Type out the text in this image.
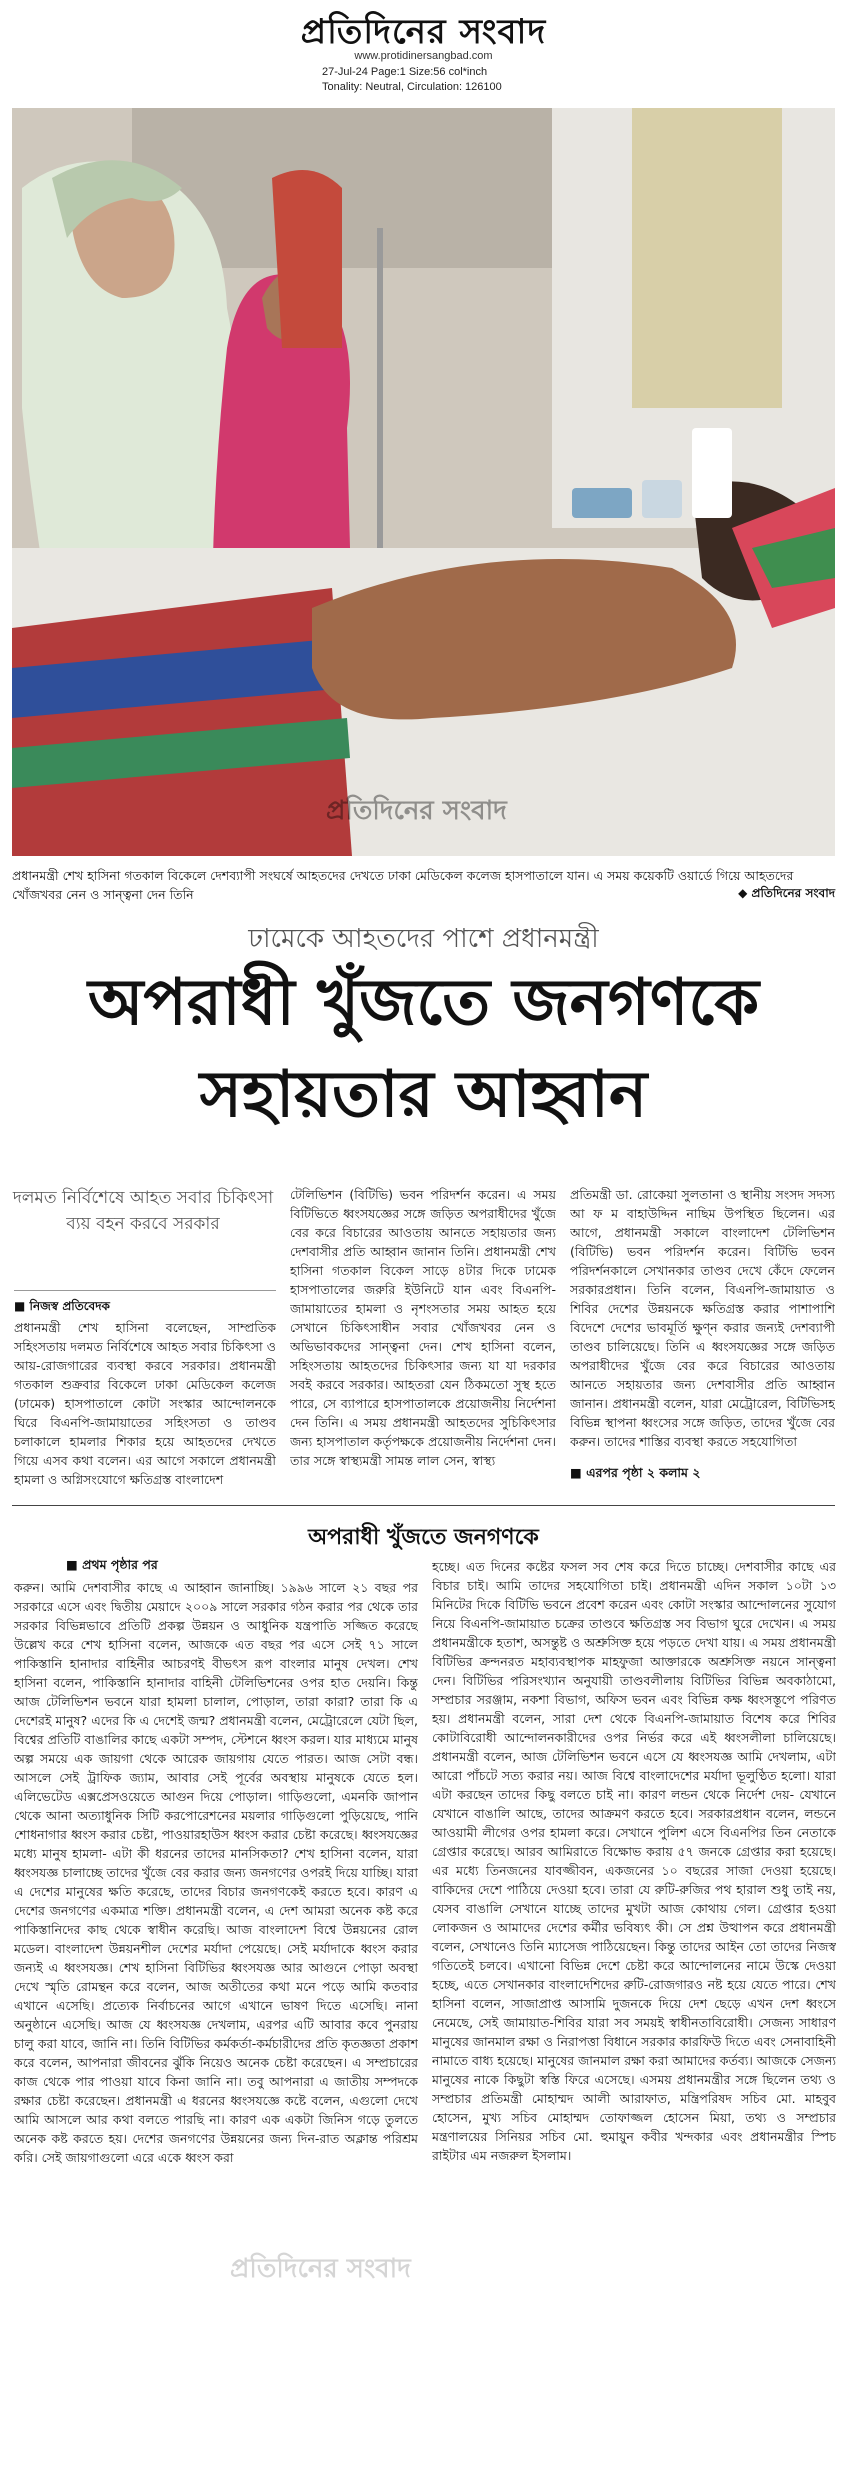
প্রতিদিনের সংবাদ
www.protidinersangbad.com
27-Jul-24 Page:1 Size:56 col*inch
Tonality: Neutral, Circulation: 126100
প্রতিদিনের সংবাদ
প্রধানমন্ত্রী শেখ হাসিনা গতকাল বিকেলে দেশব্যাপী সংঘর্ষে আহতদের দেখতে ঢাকা মেডিকেল কলেজ হাসপাতালে যান। এ সময় কয়েকটি ওয়ার্ডে গিয়ে আহতদের খোঁজখবর নেন ও সান্ত্বনা দেন তিনি	◆ প্রতিদিনের সংবাদ
ঢামেকে আহতদের পাশে প্রধানমন্ত্রী
অপরাধী খুঁজতে জনগণকে
সহায়তার আহ্বান
দলমত নির্বিশেষে আহত সবার চিকিৎসা ব্যয় বহন করবে সরকার
■ নিজস্ব প্রতিবেদক
প্রধানমন্ত্রী শেখ হাসিনা বলেছেন, সাম্প্রতিক সহিংসতায় দলমত নির্বিশেষে আহত সবার চিকিৎসা ও আয়-রোজগারের ব্যবস্থা করবে সরকার। প্রধানমন্ত্রী গতকাল শুক্রবার বিকেলে ঢাকা মেডিকেল কলেজ (ঢামেক) হাসপাতালে কোটা সংস্কার আন্দোলনকে ঘিরে বিএনপি-জামায়াতের সহিংসতা ও তাণ্ডব চলাকালে হামলার শিকার হয়ে আহতদের দেখতে গিয়ে এসব কথা বলেন। এর আগে সকালে প্রধানমন্ত্রী হামলা ও অগ্নিসংযোগে ক্ষতিগ্রস্ত বাংলাদেশ
টেলিভিশন (বিটিভি) ভবন পরিদর্শন করেন। এ সময় বিটিভিতে ধ্বংসযজ্ঞের সঙ্গে জড়িত অপরাধীদের খুঁজে বের করে বিচারের আওতায় আনতে সহায়তার জন্য দেশবাসীর প্রতি আহ্বান জানান তিনি। প্রধানমন্ত্রী শেখ হাসিনা গতকাল বিকেল সাড়ে ৪টার দিকে ঢামেক হাসপাতালের জরুরি ইউনিটে যান এবং বিএনপি-জামায়াতের হামলা ও নৃশংসতার সময় আহত হয়ে সেখানে চিকিৎসাধীন সবার খোঁজখবর নেন ও অভিভাবকদের সান্ত্বনা দেন। শেখ হাসিনা বলেন, সহিংসতায় আহতদের চিকিৎসার জন্য যা যা দরকার সবই করবে সরকার। আহতরা যেন ঠিকমতো সুস্থ হতে পারে, সে ব্যাপারে হাসপাতালকে প্রয়োজনীয় নির্দেশনা দেন তিনি। এ সময় প্রধানমন্ত্রী আহতদের সুচিকিৎসার জন্য হাসপাতাল কর্তৃপক্ষকে প্রয়োজনীয় নির্দেশনা দেন। তার সঙ্গে স্বাস্থ্যমন্ত্রী সামন্ত লাল সেন, স্বাস্থ্য
প্রতিমন্ত্রী ডা. রোকেয়া সুলতানা ও স্থানীয় সংসদ সদস্য আ ফ ম বাহাউদ্দিন নাছিম উপস্থিত ছিলেন। এর আগে, প্রধানমন্ত্রী সকালে বাংলাদেশ টেলিভিশন (বিটিভি) ভবন পরিদর্শন করেন। বিটিভি ভবন পরিদর্শনকালে সেখানকার তাণ্ডব দেখে কেঁদে ফেলেন সরকারপ্রধান। তিনি বলেন, বিএনপি-জামায়াত ও শিবির দেশের উন্নয়নকে ক্ষতিগ্রস্ত করার পাশাপাশি বিদেশে দেশের ভাবমূর্তি ক্ষুণ্ন করার জন্যই দেশব্যাপী তাণ্ডব চালিয়েছে। তিনি এ ধ্বংসযজ্ঞের সঙ্গে জড়িত অপরাধীদের খুঁজে বের করে বিচারের আওতায় আনতে সহায়তার জন্য দেশবাসীর প্রতি আহ্বান জানান। প্রধানমন্ত্রী বলেন, যারা মেট্রোরেল, বিটিভিসহ বিভিন্ন স্থাপনা ধ্বংসের সঙ্গে জড়িত, তাদের খুঁজে বের করুন। তাদের শাস্তির ব্যবস্থা করতে সহযোগিতা
■ এরপর পৃষ্ঠা ২ কলাম ২
অপরাধী খুঁজতে জনগণকে
■ প্রথম পৃষ্ঠার পর
করুন। আমি দেশবাসীর কাছে এ আহ্বান জানাচ্ছি। ১৯৯৬ সালে ২১ বছর পর সরকারে এসে এবং দ্বিতীয় মেয়াদে ২০০৯ সালে সরকার গঠন করার পর থেকে তার সরকার বিভিন্নভাবে প্রতিটি প্রকল্প উন্নয়ন ও আধুনিক যন্ত্রপাতি সজ্জিত করেছে উল্লেখ করে শেখ হাসিনা বলেন, আজকে এত বছর পর এসে সেই ৭১ সালে পাকিস্তানি হানাদার বাহিনীর আচরণই বীভৎস রূপ বাংলার মানুষ দেখল। শেখ হাসিনা বলেন, পাকিস্তানি হানাদার বাহিনী টেলিভিশনের ওপর হাত দেয়নি। কিন্তু আজ টেলিভিশন ভবনে যারা হামলা চালাল, পোড়াল, তারা কারা? তারা কি এ দেশেরই মানুষ? এদের কি এ দেশেই জন্ম? প্রধানমন্ত্রী বলেন, মেট্রোরেলে যেটা ছিল, বিশ্বের প্রতিটি বাঙালির কাছে একটা সম্পদ, স্টেশনে ধ্বংস করল। যার মাধ্যমে মানুষ অল্প সময়ে এক জায়গা থেকে আরেক জায়গায় যেতে পারত। আজ সেটা বন্ধ। আসলে সেই ট্রাফিক জ্যাম, আবার সেই পূর্বের অবস্থায় মানুষকে যেতে হল। এলিভেটেড এক্সপ্রেসওয়েতে আগুন দিয়ে পোড়াল। গাড়িগুলো, এমনকি জাপান থেকে আনা অত্যাধুনিক সিটি করপোরেশনের ময়লার গাড়িগুলো পুড়িয়েছে, পানি শোধনাগার ধ্বংস করার চেষ্টা, পাওয়ারহাউস ধ্বংস করার চেষ্টা করেছে। ধ্বংসযজ্ঞের মধ্যে মানুষ হামলা- এটা কী ধরনের তাদের মানসিকতা? শেখ হাসিনা বলেন, যারা ধ্বংসযজ্ঞ চালাচ্ছে তাদের খুঁজে বের করার জন্য জনগণের ওপরই দিয়ে যাচ্ছি। যারা এ দেশের মানুষের ক্ষতি করেছে, তাদের বিচার জনগণকেই করতে হবে। কারণ এ দেশের জনগণের একমাত্র শক্তি। প্রধানমন্ত্রী বলেন, এ দেশ আমরা অনেক কষ্ট করে পাকিস্তানিদের কাছ থেকে স্বাধীন করেছি। আজ বাংলাদেশ বিশ্বে উন্নয়নের রোল মডেল। বাংলাদেশ উন্নয়নশীল দেশের মর্যাদা পেয়েছে। সেই মর্যাদাকে ধ্বংস করার জন্যই এ ধ্বংসযজ্ঞ। শেখ হাসিনা বিটিভির ধ্বংসযজ্ঞ আর আগুনে পোড়া অবস্থা দেখে স্মৃতি রোমন্থন করে বলেন, আজ অতীতের কথা মনে পড়ে আমি কতবার এখানে এসেছি। প্রত্যেক নির্বাচনের আগে এখানে ভাষণ দিতে এসেছি। নানা অনুষ্ঠানে এসেছি। আজ যে ধ্বংসযজ্ঞ দেখলাম, এরপর এটি আবার কবে পুনরায় চালু করা যাবে, জানি না। তিনি বিটিভির কর্মকর্তা-কর্মচারীদের প্রতি কৃতজ্ঞতা প্রকাশ করে বলেন, আপনারা জীবনের ঝুঁকি নিয়েও অনেক চেষ্টা করেছেন। এ সম্প্রচারের কাজ থেকে পার পাওয়া যাবে কিনা জানি না। তবু আপনারা এ জাতীয় সম্পদকে রক্ষার চেষ্টা করেছেন। প্রধানমন্ত্রী এ ধরনের ধ্বংসযজ্ঞে কষ্টে বলেন, এগুলো দেখে আমি আসলে আর কথা বলতে পারছি না। কারণ এক একটা জিনিস গড়ে তুলতে অনেক কষ্ট করতে হয়। দেশের জনগণের উন্নয়নের জন্য দিন-রাত অক্লান্ত পরিশ্রম করি। সেই জায়গাগুলো এরে একে ধ্বংস করা
হচ্ছে। এত দিনের কষ্টের ফসল সব শেষ করে দিতে চাচ্ছে। দেশবাসীর কাছে এর বিচার চাই। আমি তাদের সহযোগিতা চাই। প্রধানমন্ত্রী এদিন সকাল ১০টা ১৩ মিনিটের দিকে বিটিভি ভবনে প্রবেশ করেন এবং কোটা সংস্কার আন্দোলনের সুযোগ নিয়ে বিএনপি-জামায়াত চক্রের তাণ্ডবে ক্ষতিগ্রস্ত সব বিভাগ ঘুরে দেখেন। এ সময় প্রধানমন্ত্রীকে হতাশ, অসন্তুষ্ট ও অশ্রুসিক্ত হয়ে পড়তে দেখা যায়। এ সময় প্রধানমন্ত্রী বিটিভির ক্রন্দনরত মহাব্যবস্থাপক মাহফুজা আক্তারকে অশ্রুসিক্ত নয়নে সান্ত্বনা দেন। বিটিভির পরিসংখ্যান অনুযায়ী তাণ্ডবলীলায় বিটিভির বিভিন্ন অবকাঠামো, সম্প্রচার সরঞ্জাম, নকশা বিভাগ, অফিস ভবন এবং বিভিন্ন কক্ষ ধ্বংসস্তূপে পরিণত হয়। প্রধানমন্ত্রী বলেন, সারা দেশ থেকে বিএনপি-জামায়াত বিশেষ করে শিবির কোটাবিরোধী আন্দোলনকারীদের ওপর নির্ভর করে এই ধ্বংসলীলা চালিয়েছে। প্রধানমন্ত্রী বলেন, আজ টেলিভিশন ভবনে এসে যে ধ্বংসযজ্ঞ আমি দেখলাম, এটা আরো পাঁচটে সত্য করার নয়। আজ বিশ্বে বাংলাদেশের মর্যাদা ভূলুণ্ঠিত হলো। যারা এটা করছেন তাদের কিছু বলতে চাই না। কারণ লন্ডন থেকে নির্দেশ দেয়- যেখানে যেখানে বাঙালি আছে, তাদের আক্রমণ করতে হবে। সরকারপ্রধান বলেন, লন্ডনে আওয়ামী লীগের ওপর হামলা করে। সেখানে পুলিশ এসে বিএনপির তিন নেতাকে গ্রেপ্তার করেছে। আরব আমিরাতে বিক্ষোভ করায় ৫৭ জনকে গ্রেপ্তার করা হয়েছে। এর মধ্যে তিনজনের যাবজ্জীবন, একজনের ১০ বছরের সাজা দেওয়া হয়েছে। বাকিদের দেশে পাঠিয়ে দেওয়া হবে। তারা যে রুটি-রুজির পথ হারাল শুধু তাই নয়, যেসব বাঙালি সেখানে যাচ্ছে তাদের মুখটা আজ কোথায় গেল। গ্রেপ্তার হওয়া লোকজন ও আমাদের দেশের কর্মীর ভবিষ্যৎ কী। সে প্রশ্ন উত্থাপন করে প্রধানমন্ত্রী বলেন, সেখানেও তিনি ম্যাসেজ পাঠিয়েছেন। কিন্তু তাদের আইন তো তাদের নিজস্ব গতিতেই চলবে। এখানো বিভিন্ন দেশে চেষ্টা করে আন্দোলনের নামে উস্কে দেওয়া হচ্ছে, এতে সেখানকার বাংলাদেশিদের রুটি-রোজগারও নষ্ট হয়ে যেতে পারে। শেখ হাসিনা বলেন, সাজাপ্রাপ্ত আসামি দুজনকে দিয়ে দেশ ছেড়ে এখন দেশ ধ্বংসে নেমেছে, সেই জামায়াত-শিবির যারা সব সময়ই স্বাধীনতাবিরোধী। সেজন্য সাধারণ মানুষের জানমাল রক্ষা ও নিরাপত্তা বিধানে সরকার কারফিউ দিতে এবং সেনাবাহিনী নামাতে বাধ্য হয়েছে। মানুষের জানমাল রক্ষা করা আমাদের কর্তব্য। আজকে সেজন্য মানুষের নাকে কিছুটা স্বস্তি ফিরে এসেছে। এসময় প্রধানমন্ত্রীর সঙ্গে ছিলেন তথ্য ও সম্প্রচার প্রতিমন্ত্রী মোহাম্মদ আলী আরাফাত, মন্ত্রিপরিষদ সচিব মো. মাহবুব হোসেন, মুখ্য সচিব মোহাম্মদ তোফাজ্জল হোসেন মিয়া, তথ্য ও সম্প্রচার মন্ত্রণালয়ের সিনিয়র সচিব মো. হুমায়ুন কবীর খন্দকার এবং প্রধানমন্ত্রীর স্পিচ রাইটার এম নজরুল ইসলাম।
প্রতিদিনের সংবাদ
